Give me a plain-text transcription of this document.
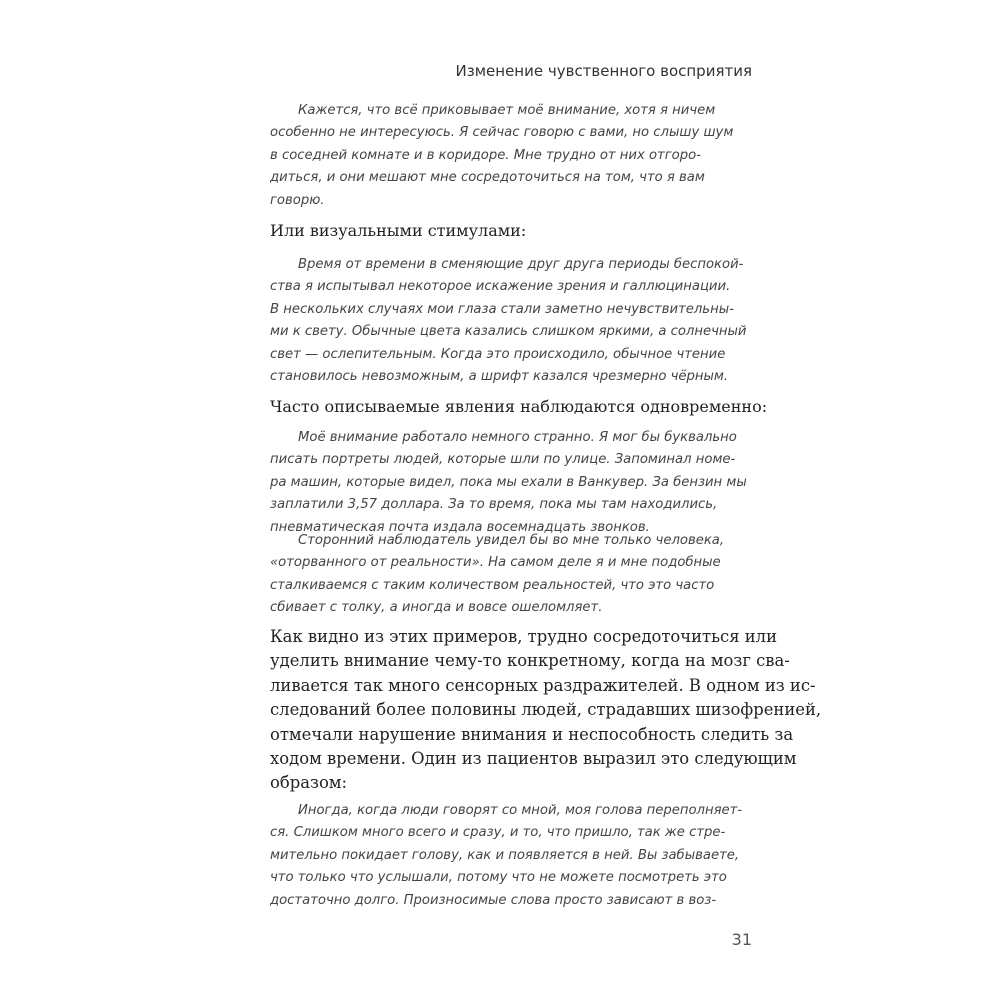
Изменение чувственного восприятия
Кажется, что всё приковывает моё внимание, хотя я ничем
особенно не интересуюсь. Я сейчас говорю с вами, но слышу шум
в соседней комнате и в коридоре. Мне трудно от них отгоро-
диться, и они мешают мне сосредоточиться на том, что я вам
говорю.
Или визуальными стимулами:
Время от времени в сменяющие друг друга периоды беспокой-
ства я испытывал некоторое искажение зрения и галлюцинации.
В нескольких случаях мои глаза стали заметно нечувствительны-
ми к свету. Обычные цвета казались слишком яркими, а солнечный
свет — ослепительным. Когда это происходило, обычное чтение
становилось невозможным, а шрифт казался чрезмерно чёрным.
Часто описываемые явления наблюдаются одновременно:
Моё внимание работало немного странно. Я мог бы буквально
писать портреты людей, которые шли по улице. Запоминал номе-
ра машин, которые видел, пока мы ехали в Ванкувер. За бензин мы
заплатили 3,57 доллара. За то время, пока мы там находились,
пневматическая почта издала восемнадцать звонков.
Сторонний наблюдатель увидел бы во мне только человека,
«оторванного от реальности». На самом деле я и мне подобные
сталкиваемся с таким количеством реальностей, что это часто
сбивает с толку, а иногда и вовсе ошеломляет.
Как видно из этих примеров, трудно сосредоточиться или
уделить внимание чему-то конкретному, когда на мозг сва-
ливается так много сенсорных раздражителей. В одном из ис-
следований более половины людей, страдавших шизофренией,
отмечали нарушение внимания и неспособность следить за
ходом времени. Один из пациентов выразил это следующим
образом:
Иногда, когда люди говорят со мной, моя голова переполняет-
ся. Слишком много всего и сразу, и то, что пришло, так же стре-
мительно покидает голову, как и появляется в ней. Вы забываете,
что только что услышали, потому что не можете посмотреть это
достаточно долго. Произносимые слова просто зависают в воз-
31
